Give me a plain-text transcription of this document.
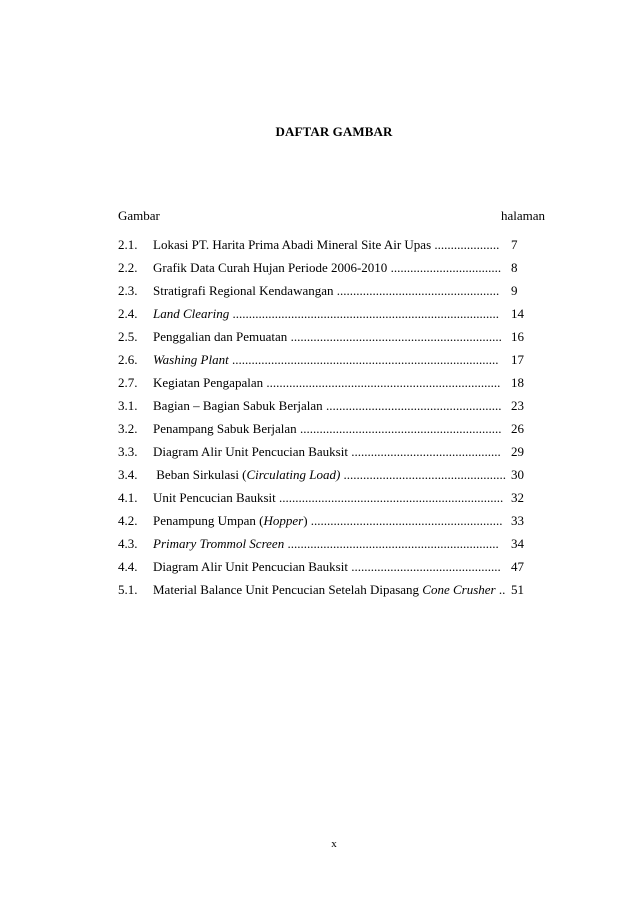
DAFTAR GAMBAR
Gambar	halaman
2.1.	Lokasi PT. Harita Prima Abadi Mineral Site Air Upas .................... 7
2.2.	Grafik Data Curah Hujan Periode 2006-2010 .................................. 8
2.3.	Stratigrafi Regional Kendawangan .................................................. 9
2.4.	Land Clearing .................................................................................. 14
2.5.	Penggalian dan Pemuatan ................................................................. 16
2.6.	Washing Plant .................................................................................. 17
2.7.	Kegiatan Pengapalan ........................................................................ 18
3.1.	Bagian – Bagian Sabuk Berjalan ...................................................... 23
3.2.	Penampang Sabuk Berjalan .............................................................. 26
3.3.	Diagram Alir Unit Pencucian Bauksit .............................................. 29
3.4.	Beban Sirkulasi (Circulating Load) .................................................. 30
4.1.	Unit Pencucian Bauksit ..................................................................... 32
4.2.	Penampung Umpan (Hopper) ........................................................... 33
4.3.	Primary Trommol Screen ................................................................. 34
4.4.	Diagram Alir Unit Pencucian Bauksit .............................................. 47
5.1.	Material Balance Unit Pencucian Setelah Dipasang Cone Crusher .. 51
x
